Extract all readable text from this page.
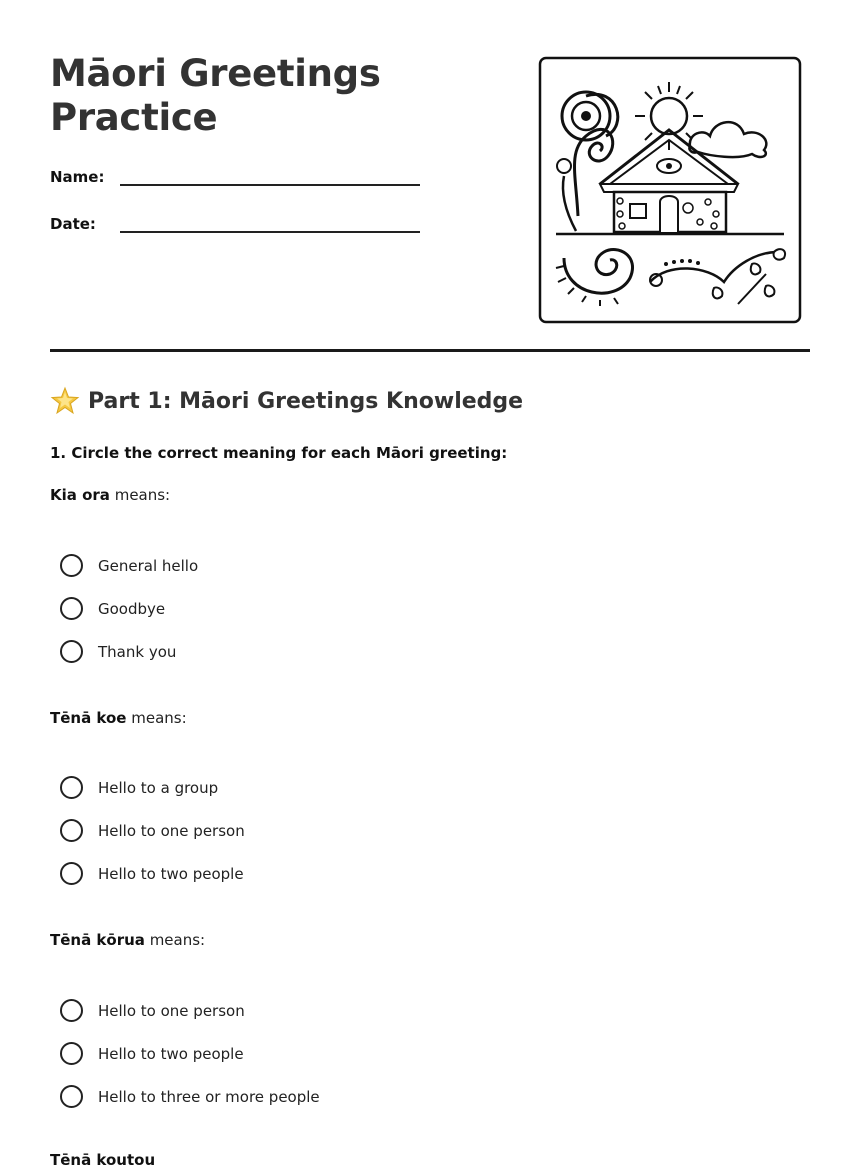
Māori Greetings
Practice
Name:
Date:
Part 1: Māori Greetings Knowledge
1. Circle the correct meaning for each Māori greeting:
Kia ora means:
General hello
Goodbye
Thank you
Tēnā koe means:
Hello to a group
Hello to one person
Hello to two people
Tēnā kōrua means:
Hello to one person
Hello to two people
Hello to three or more people
Tēnā koutou
